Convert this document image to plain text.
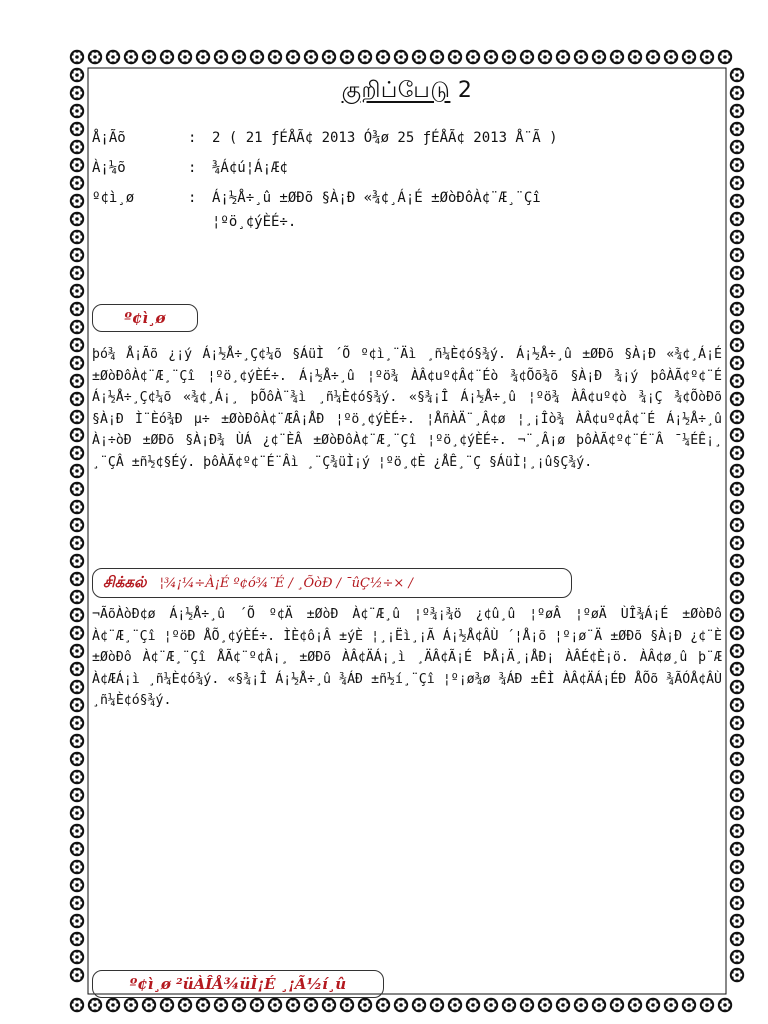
குறிப்பேடு 2
Å¡Ãõ	:	2 ( 21 ƒÉÅÃ¢ 2013 Ó¾ø 25 ƒÉÅÃ¢ 2013 Å¨Ã )
À¡¼õ	:	¾Á¢ú¦Á¡Æ¢
º¢ì¸ø	:	Á¡½Å÷¸û ±ØÐõ §À¡Ð «¾¢¸Á¡É ±ØòÐôÀ¢¨Æ¸¨Çî
¦ºö¸¢ýÈÉ÷.
º¢ì¸ø
þó¾ Å¡Ãõ ¿¡ý Á¡½Å÷¸Ç¢¼õ §ÁüÌ ´Õ º¢ì¸¨Äì ¸ñ¼È¢ó§¾ý. Á¡½Å÷¸û ±ØÐõ §À¡Ð «¾¢¸Á¡É ±ØòÐôÀ¢¨Æ¸¨Çî ¦ºö¸¢ýÈÉ÷. Á¡½Å÷¸û ¦ºö¾ ÀÂ¢uº¢Â¢¨Éò ¾¢Õõ¾õ §À¡Ð ¾¡ý þôÀÃ¢º¢¨É Á¡½Å÷¸Ç¢¼õ «¾¢¸Á¡¸ þÕôÀ¨¾ì ¸ñ¼È¢ó§¾ý. «§¾¡Î Á¡½Å÷¸û ¦ºö¾ ÀÂ¢uº¢ò ¾¡Ç ¾¢ÕòÐõ §À¡Ð Ì¨Èó¾Ð µ÷ ±ØòÐôÀ¢¨ÆÂ¡ÅÐ ¦ºö¸¢ýÈÉ÷. ¦ÅñÀÄ¨¸Â¢ø ¦¸¡Îò¾ ÀÂ¢uº¢Â¢¨É Á¡½Å÷¸û À¡÷òÐ ±ØÐõ §À¡Ð¾ ÙÁ ¿¢¨ÈÂ ±ØòÐôÀ¢¨Æ¸¨Çî ¦ºö¸¢ýÈÉ÷. ¬¨¸Â¡ø þôÀÃ¢º¢¨É¨Â ¯¼ÉÊ¡¸ ¸¨ÇÂ ±ñ½¢§Éý. þôÀÃ¢º¢¨É¨Âì ¸¨Ç¾üÌ¡ý ¦ºö¸¢È ¿ÅÊ¸¨Ç §ÁüÌ¦¸¡û§Ç¾ý.
சிக்கல் ¦¾¡¼÷À¡É º¢ó¾¨É / ¸ÕòÐ / ¯ûÇ½÷× /
¬ÃõÀòÐ¢ø Á¡½Å÷¸û ´Õ º¢Ä ±ØòÐ À¢¨Æ¸û ¦º¾¡¾ö ¿¢û¸û ¦ºøÂ ¦ºøÄ ÙÎ¾Á¡É ±ØòÐô À¢¨Æ¸¨Çî ¦ºöÐ ÅÕ¸¢ýÈÉ÷. ÌÈ¢ô¡Â ±ýÈ ¦¸¡Ëì¸¡Ã Á¡½Å¢ÂÙ ´¦Å¡õ ¦º¡ø¨Ä ±ØÐõ §À¡Ð ¿¢¨È ±ØòÐô À¢¨Æ¸¨Çî ÅÃ¢¨º¢Â¡¸ ±ØÐõ ÀÂ¢ÄÁ¡¸ì ¸ÄÂ¢Ã¡É ÞÅ¡Ä¸¡ÅÐ¡ ÀÂÉ¢È¡ö. ÀÂ¢ø¸û þ¨Æ À¢ÆÁ¡ì ¸ñ¼È¢ó¾ý. «§¾¡Î Á¡½Å÷¸û ¾ÁÐ ±ñ½í¸¨Çî ¦º¡ø¾ø ¾ÁÐ ±ÊÌ ÀÂ¢ÄÁ¡ÉÐ ÅÕõ ¾ÃÓÅ¢ÂÙ ¸ñ¼È¢ó§¾ý.
º¢ì¸ø ²üÀÎÅ¾üÌ¡É ¸¡Ã½í¸û
